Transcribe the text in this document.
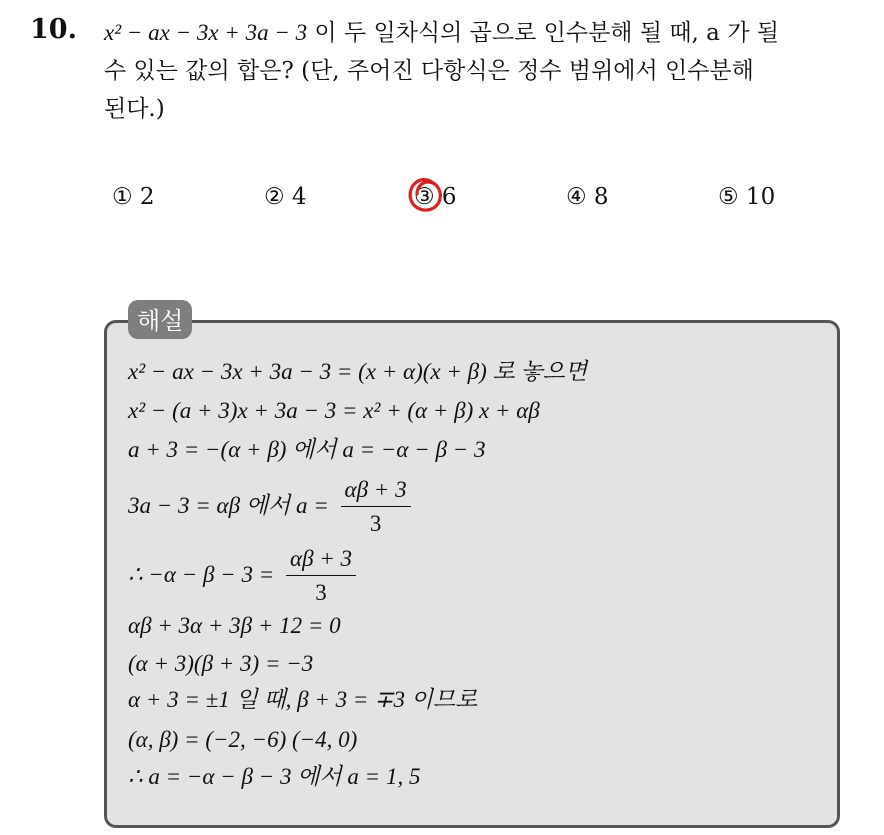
10. x² − ax − 3x + 3a − 3 이 두 일차식의 곱으로 인수분해 될 때, a 가 될
수 있는 값의 합은? (단, 주어진 다항식은 정수 범위에서 인수분해
된다.)
① 2	② 4	③ 6	④ 8	⑤ 10
해설
x² − ax − 3x + 3a − 3 = (x + α)(x + β) 로 놓으면
x² − (a + 3)x + 3a − 3 = x² + (α + β) x + αβ
a + 3 = −(α + β) 에서 a = −α − β − 3
3a − 3 = αβ 에서 $a = \frac{\alpha\beta + 3}{3}$
∴ $-\alpha - \beta - 3 = \frac{\alpha\beta + 3}{3}$
αβ + 3α + 3β + 12 = 0
(α + 3)(β + 3) = −3
α + 3 = ±1 일 때, β + 3 = ∓3 이므로
(α, β) = (−2, −6) (−4, 0)
∴ a = −α − β − 3 에서 a = 1, 5
